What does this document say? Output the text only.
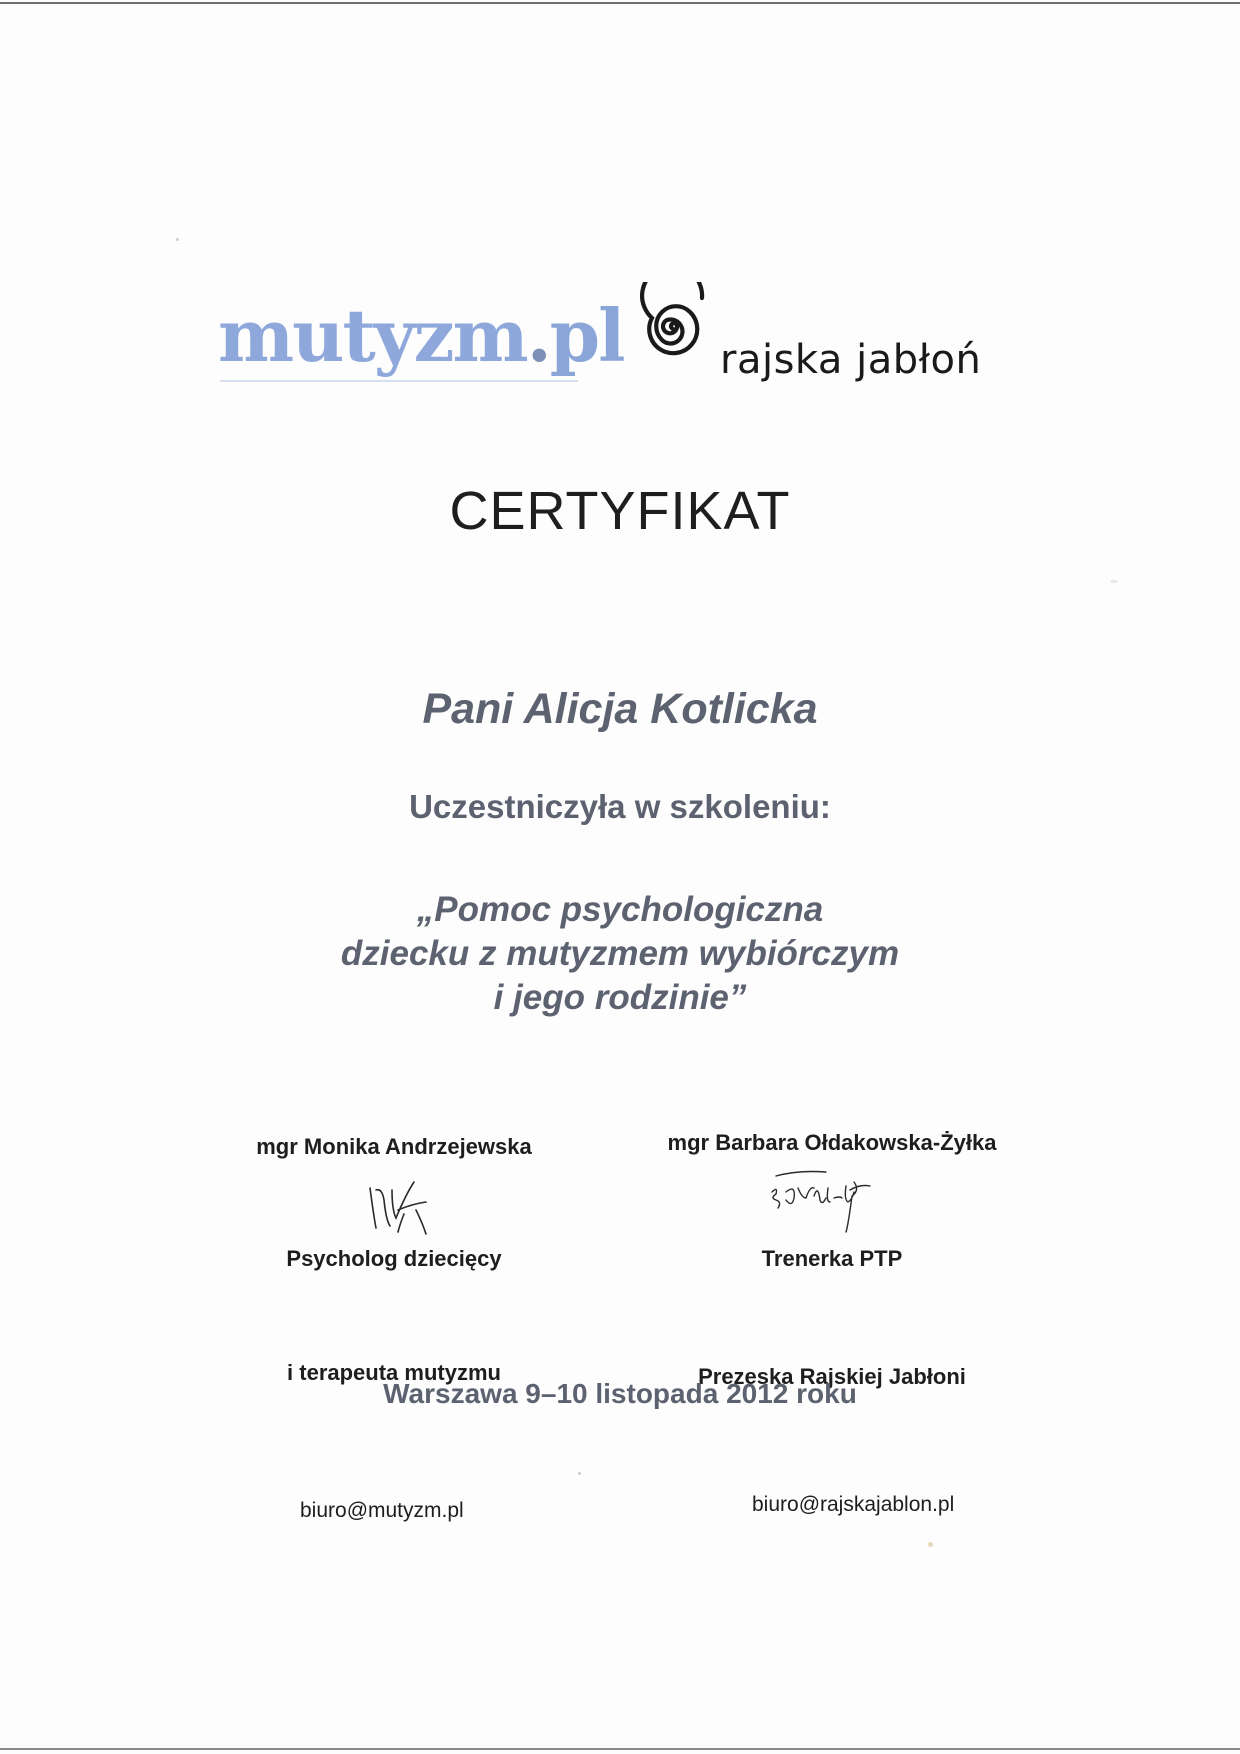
mutyzm.pl rajska jabłoń
CERTYFIKAT
Pani Alicja Kotlicka
Uczestniczyła w szkoleniu:
„Pomoc psychologiczna
dziecku z mutyzmem wybiórczym
i jego rodzinie”
mgr Monika Andrzejewska
Psycholog dziecięcy
i terapeuta mutyzmu
mgr Barbara Ołdakowska-Żyłka
Trenerka PTP
Prezeska Rajskiej Jabłoni
Warszawa 9–10 listopada 2012 roku
biuro@mutyzm.pl	biuro@rajskajablon.pl
